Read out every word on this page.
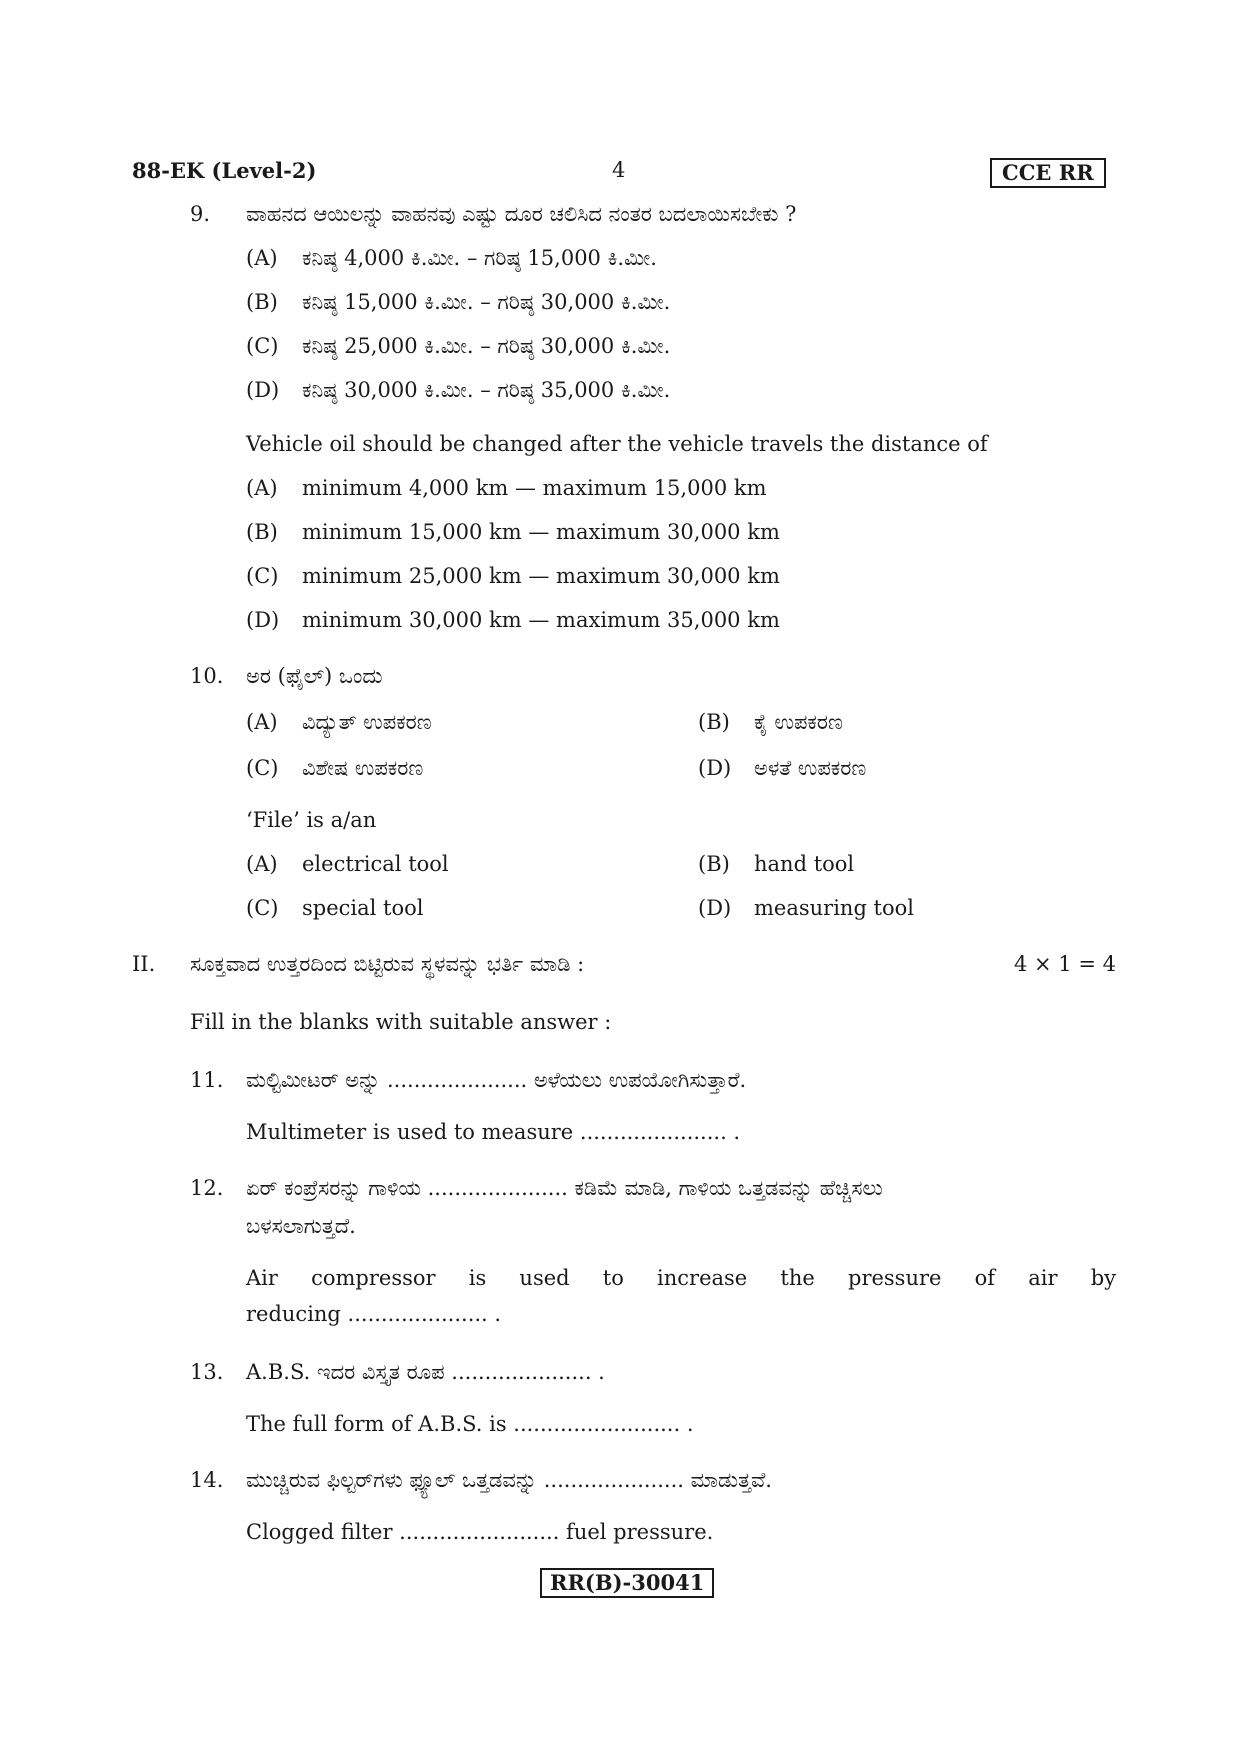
88-EK (Level-2)	4	CCE RR
9. ವಾಹನದ ಆಯಿಲನ್ನು ವಾಹನವು ಎಷ್ಟು ದೂರ ಚಲಿಸಿದ ನಂತರ ಬದಲಾಯಿಸಬೇಕು ?
(A) ಕನಿಷ್ಠ 4,000 ಕಿ.ಮೀ. – ಗರಿಷ್ಠ 15,000 ಕಿ.ಮೀ.
(B) ಕನಿಷ್ಠ 15,000 ಕಿ.ಮೀ. – ಗರಿಷ್ಠ 30,000 ಕಿ.ಮೀ.
(C) ಕನಿಷ್ಠ 25,000 ಕಿ.ಮೀ. – ಗರಿಷ್ಠ 30,000 ಕಿ.ಮೀ.
(D) ಕನಿಷ್ಠ 30,000 ಕಿ.ಮೀ. – ಗರಿಷ್ಠ 35,000 ಕಿ.ಮೀ.
Vehicle oil should be changed after the vehicle travels the distance of
(A) minimum 4,000 km — maximum 15,000 km
(B) minimum 15,000 km — maximum 30,000 km
(C) minimum 25,000 km — maximum 30,000 km
(D) minimum 30,000 km — maximum 35,000 km
10. ಅರ (ಫೈಲ್) ಒಂದು
(A) ವಿದ್ಯುತ್ ಉಪಕರಣ	(B) ಕೈ ಉಪಕರಣ
(C) ವಿಶೇಷ ಉಪಕರಣ	(D) ಅಳತೆ ಉಪಕರಣ
‘File’ is a/an
(A) electrical tool	(B) hand tool
(C) special tool	(D) measuring tool
II. ಸೂಕ್ತವಾದ ಉತ್ತರದಿಂದ ಬಿಟ್ಟಿರುವ ಸ್ಥಳವನ್ನು ಭರ್ತಿ ಮಾಡಿ :	4 × 1 = 4
Fill in the blanks with suitable answer :
11. ಮಲ್ಟಿಮೀಟರ್ ಅನ್ನು ..................... ಅಳೆಯಲು ಉಪಯೋಗಿಸುತ್ತಾರೆ.
Multimeter is used to measure ...................... .
12. ಏರ್ ಕಂಪ್ರೆಸರನ್ನು ಗಾಳಿಯ ..................... ಕಡಿಮೆ ಮಾಡಿ, ಗಾಳಿಯ ಒತ್ತಡವನ್ನು ಹೆಚ್ಚಿಸಲು
ಬಳಸಲಾಗುತ್ತದೆ.
Air compressor is used to increase the pressure of air by
reducing ..................... .
13. A.B.S. ಇದರ ವಿಸ್ತೃತ ರೂಪ ..................... .
The full form of A.B.S. is ......................... .
14. ಮುಚ್ಚಿರುವ ಫಿಲ್ಟರ್‌ಗಳು ಫ್ಯೂಲ್ ಒತ್ತಡವನ್ನು ..................... ಮಾಡುತ್ತವೆ.
Clogged filter ........................ fuel pressure.
RR(B)-30041
